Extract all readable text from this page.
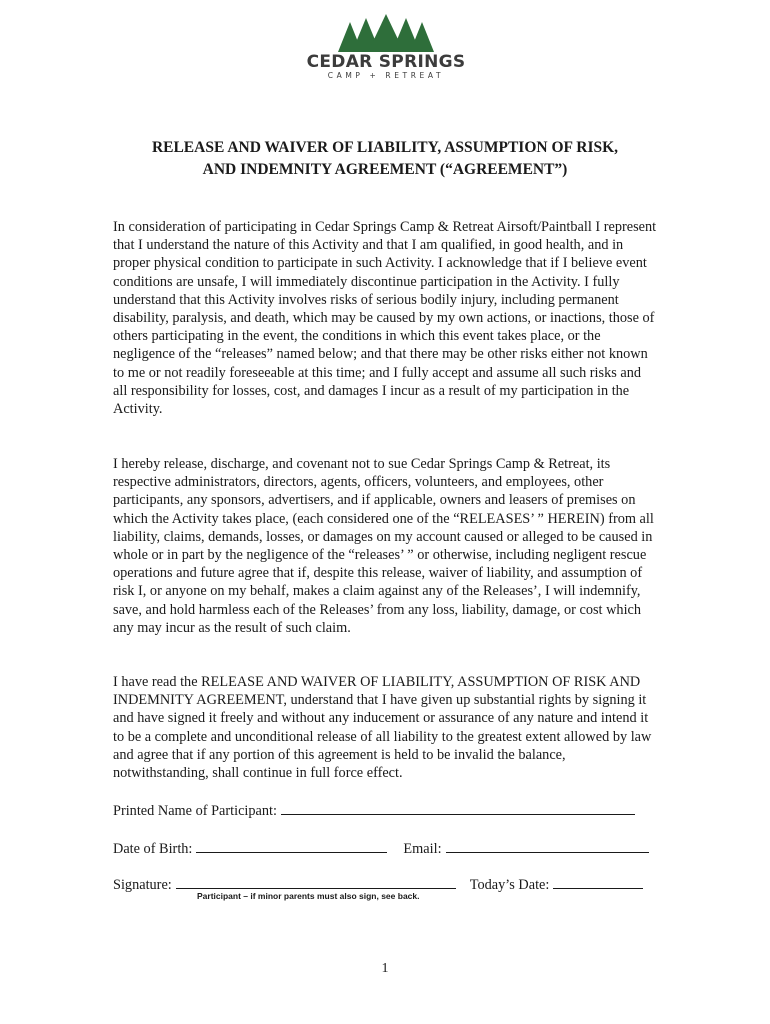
CEDAR SPRINGS
CAMP + RETREAT
RELEASE AND WAIVER OF LIABILITY, ASSUMPTION OF RISK,
AND INDEMNITY AGREEMENT (“AGREEMENT”)
In consideration of participating in Cedar Springs Camp & Retreat Airsoft/Paintball I represent that I understand the nature of this Activity and that I am qualified, in good health, and in proper physical condition to participate in such Activity. I acknowledge that if I believe event conditions are unsafe, I will immediately discontinue participation in the Activity. I fully understand that this Activity involves risks of serious bodily injury, including permanent disability, paralysis, and death, which may be caused by my own actions, or inactions, those of others participating in the event, the conditions in which this event takes place, or the negligence of the “releases” named below; and that there may be other risks either not known to me or not readily foreseeable at this time; and I fully accept and assume all such risks and all responsibility for losses, cost, and damages I incur as a result of my participation in the Activity.
I hereby release, discharge, and covenant not to sue Cedar Springs Camp & Retreat, its respective administrators, directors, agents, officers, volunteers, and employees, other participants, any sponsors, advertisers, and if applicable, owners and leasers of premises on which the Activity takes place, (each considered one of the “RELEASES’ ” HEREIN) from all liability, claims, demands, losses, or damages on my account caused or alleged to be caused in whole or in part by the negligence of the “releases’ ” or otherwise, including negligent rescue operations and future agree that if, despite this release, waiver of liability, and assumption of risk I, or anyone on my behalf, makes a claim against any of the Releases’, I will indemnify, save, and hold harmless each of the Releases’ from any loss, liability, damage, or cost which any may incur as the result of such claim.
I have read the RELEASE AND WAIVER OF LIABILITY, ASSUMPTION OF RISK AND INDEMNITY AGREEMENT, understand that I have given up substantial rights by signing it and have signed it freely and without any inducement or assurance of any nature and intend it to be a complete and unconditional release of all liability to the greatest extent allowed by law and agree that if any portion of this agreement is held to be invalid the balance, notwithstanding, shall continue in full force effect.
Printed Name of Participant:
Date of Birth:	Email:
Signature:	Today’s Date:
Participant – if minor parents must also sign, see back.
1
